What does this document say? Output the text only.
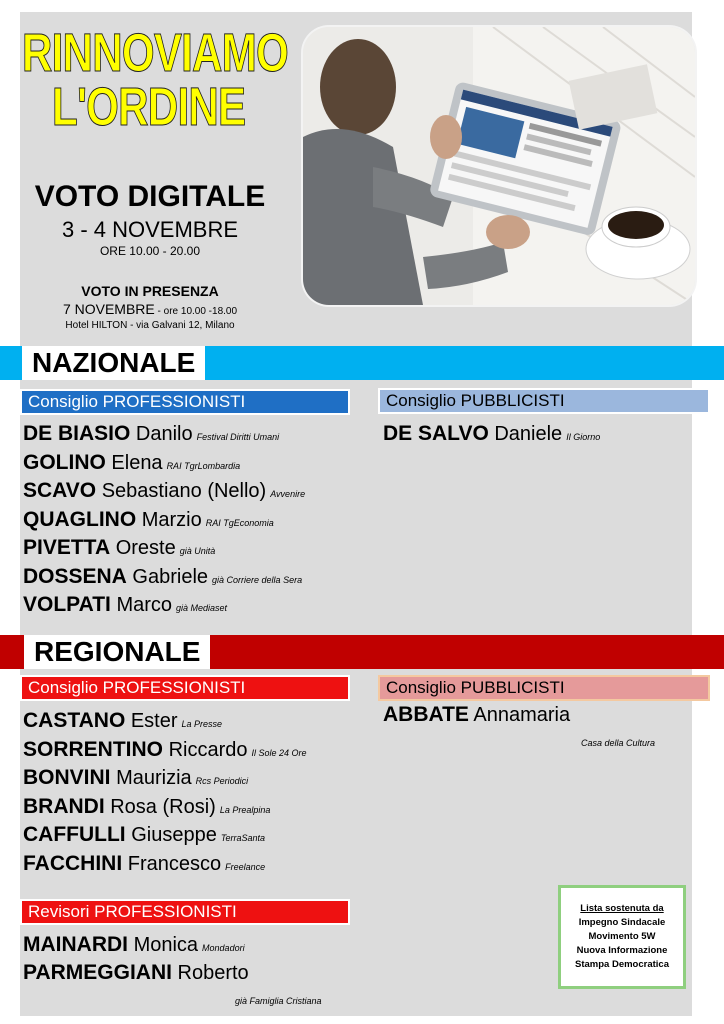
RINNOVIAMO
L'ORDINE
VOTO DIGITALE
3 - 4 NOVEMBRE
ORE 10.00 - 20.00
VOTO IN PRESENZA
7 NOVEMBRE - ore 10.00 -18.00
Hotel HILTON - via Galvani 12, Milano
NAZIONALE
Consiglio PROFESSIONISTI	Consiglio PUBBLICISTI
DE BIASIO Danilo Festival Diritti Umani
GOLINO Elena RAI TgrLombardia
SCAVO Sebastiano (Nello) Avvenire
QUAGLINO Marzio RAI TgEconomia
PIVETTA Oreste già Unità
DOSSENA Gabriele già Corriere della Sera
VOLPATI Marco già Mediaset
DE SALVO Daniele Il Giorno
REGIONALE
Consiglio PROFESSIONISTI	Consiglio PUBBLICISTI
Revisori PROFESSIONISTI
CASTANO Ester La Presse
SORRENTINO Riccardo Il Sole 24 Ore
BONVINI Maurizia Rcs Periodici
BRANDI Rosa (Rosi) La Prealpina
CAFFULLI Giuseppe TerraSanta
FACCHINI Francesco Freelance
ABBATE Annamaria
Casa della Cultura
MAINARDI Monica Mondadori
PARMEGGIANI Roberto
già Famiglia Cristiana
Lista sostenuta da
Impegno Sindacale
Movimento 5W
Nuova Informazione
Stampa Democratica
